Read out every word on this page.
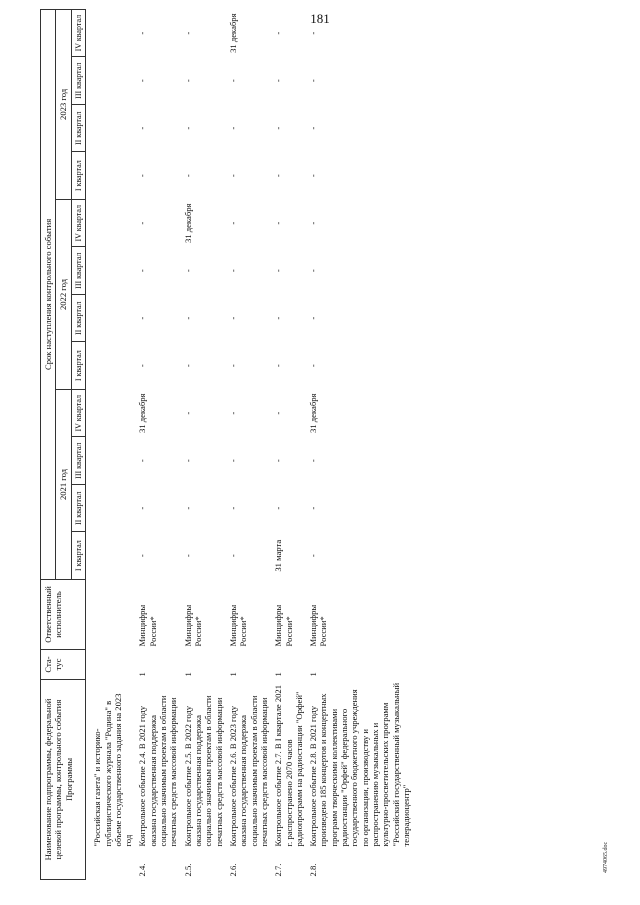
181
Наименование подпрограммы, федеральной целевой программы, контрольного события Программы		Ста-тус	Ответственный исполнитель	Срок наступления контрольного события											
				2021 год				2022 год				2023 год			
				I квартал	II квартал	III квартал	IV квартал	I квартал	II квартал	III квартал	IV квартал	I квартал	II квартал	III квартал	IV квартал
	"Российская газета" и историко-публицистического журнала "Родина" в объеме государственного задания на 2023 год														
2.4.	Контрольное событие 2.4. В 2021 году оказана государственная поддержка социально значимым проектам в области печатных средств массовой информации	1	Минцифры России*	-	-	-	31 декабря	-	-	-	-	-	-	-	-
2.5.	Контрольное событие 2.5. В 2022 году оказана государственная поддержка социально значимым проектам в области печатных средств массовой информации	1	Минцифры России*	-	-	-	-	-	-	-	31 декабря	-	-	-	-
2.6.	Контрольное событие 2.6. В 2023 году оказана государственная поддержка социально значимым проектам в области печатных средств массовой информации	1	Минцифры России*	-	-	-	-	-	-	-	-	-	-	-	31 декабря
2.7.	Контрольное событие 2.7. В I квартале 2021 г. распространено 2070 часов радиопрограмм на радиостанции "Орфей"	1	Минцифры России*	31 марта	-	-	-	-	-	-	-	-	-	-	-
2.8.	Контрольное событие 2.8. В 2021 году произведено 185 концертов и концертных программ творческими коллективами радиостанции "Орфей" федерального государственного бюджетного учреждения по организации, производству и распространению музыкальных и культурно-просветительских программ "Российский государственный музыкальный телерадиоцентр"	1	Минцифры России*	-	-	-	31 декабря	-	-	-	-	-	-	-	-
4974065.doc
